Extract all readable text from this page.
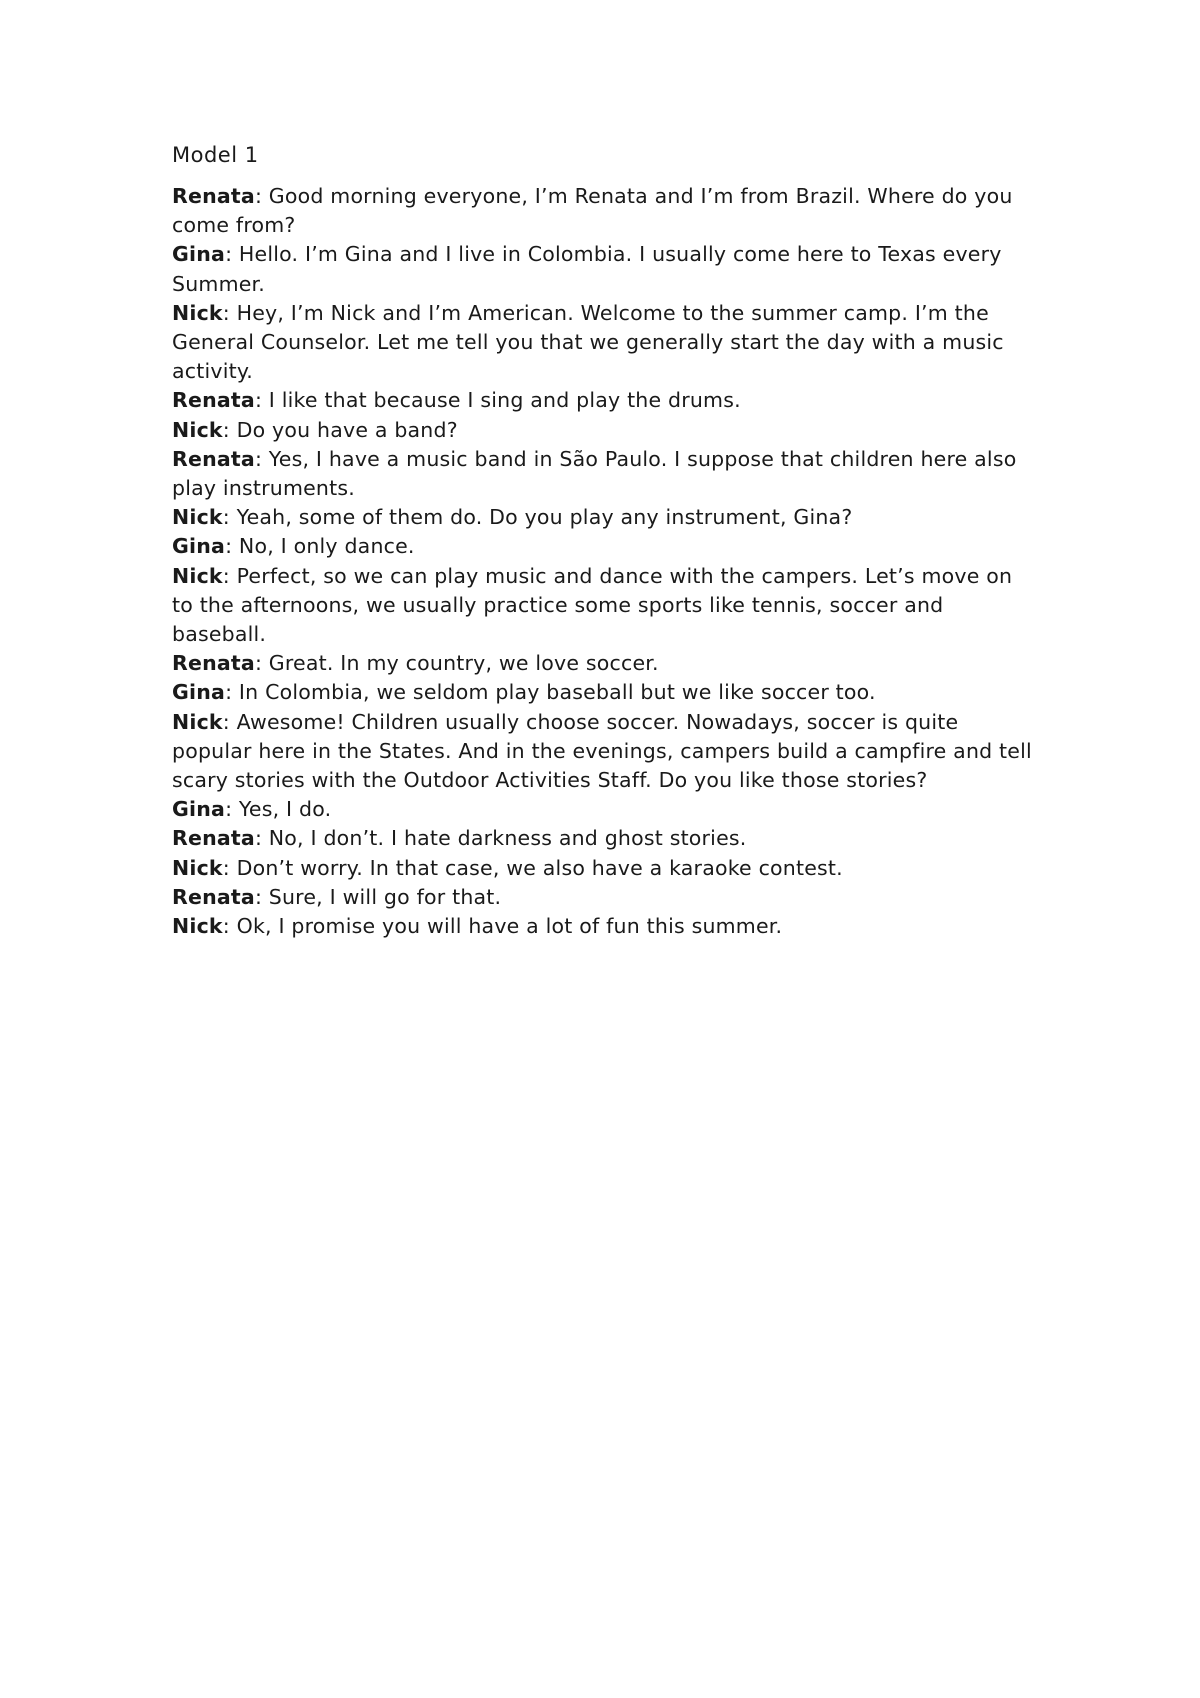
Model 1

Renata: Good morning everyone, I’m Renata and I’m from Brazil. Where do you come from?

Gina: Hello. I’m Gina and I live in Colombia. I usually come here to Texas every Summer.

Nick: Hey, I’m Nick and I’m American. Welcome to the summer camp. I’m the General Counselor. Let me tell you that we generally start the day with a music activity.

Renata: I like that because I sing and play the drums.

Nick: Do you have a band?

Renata: Yes, I have a music band in São Paulo. I suppose that children here also play instruments.

Nick: Yeah, some of them do. Do you play any instrument, Gina?

Gina: No, I only dance.

Nick: Perfect, so we can play music and dance with the campers. Let’s move on to the afternoons, we usually practice some sports like tennis, soccer and baseball.

Renata: Great. In my country, we love soccer.

Gina: In Colombia, we seldom play baseball but we like soccer too.

Nick: Awesome! Children usually choose soccer. Nowadays, soccer is quite popular here in the States. And in the evenings, campers build a campfire and tell scary stories with the Outdoor Activities Staff. Do you like those stories?

Gina: Yes, I do.

Renata: No, I don’t. I hate darkness and ghost stories.

Nick: Don’t worry. In that case, we also have a karaoke contest.

Renata: Sure, I will go for that.

Nick: Ok, I promise you will have a lot of fun this summer.
